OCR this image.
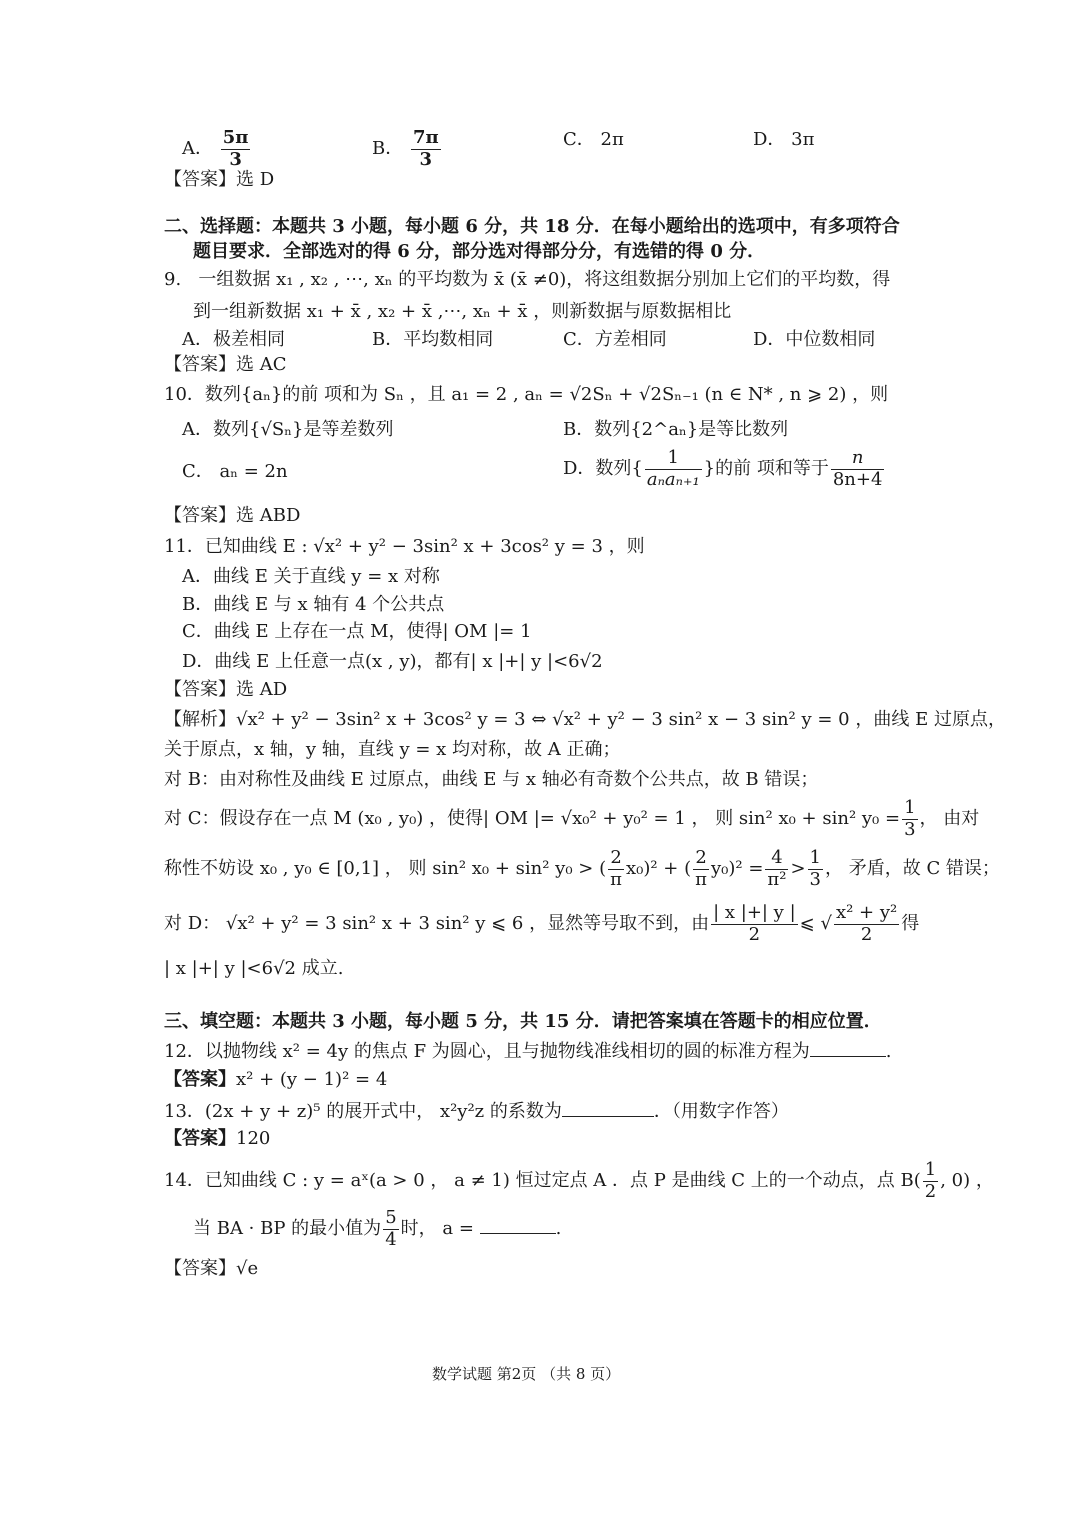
A． $\frac{5\pi}{3}$	B． $\frac{7\pi}{3}$	C． 2π	D． 3π
【答案】选 D
二、选择题：本题共 3 小题，每小题 6 分，共 18 分．在每小题给出的选项中，有多项符合
题目要求．全部选对的得 6 分，部分选对得部分分，有选错的得 0 分．
9. 一组数据 x₁ , x₂ , ⋯, xₙ 的平均数为 x̄ (x̄ ≠0)，将这组数据分别加上它们的平均数，得
到一组新数据 x₁ + x̄ , x₂ + x̄ ,⋯, xₙ + x̄ ，则新数据与原数据相比
A．极差相同	B．平均数相同	C．方差相同	D．中位数相同
【答案】选 AC
10．数列{aₙ}的前 项和为 Sₙ ，且 a₁ = 2 , aₙ = √2Sₙ + √2Sₙ₋₁ (n ∈ N* , n ⩾ 2) ，则
A．数列{√Sₙ}是等差数列	B．数列{2^aₙ}是等比数列
C． aₙ = 2n	D．数列{ $\frac{1}{\text{aₙaₙ₊₁}}$ }的前 项和等于 $\frac{n}{8n+4}$
【答案】选 ABD
11．已知曲线 E : √x² + y² − 3sin² x + 3cos² y = 3 ，则
A．曲线 E 关于直线 y = x 对称
B．曲线 E 与 x 轴有 4 个公共点
C．曲线 E 上存在一点 M，使得| OM |= 1
D．曲线 E 上任意一点(x , y)，都有| x |+| y |<6√2
【答案】选 AD
【解析】√x² + y² − 3sin² x + 3cos² y = 3 ⇔ √x² + y² − 3 sin² x − 3 sin² y = 0 ，曲线 E 过原点，
关于原点，x 轴，y 轴，直线 y = x 均对称，故 A 正确；
对 B：由对称性及曲线 E 过原点，曲线 E 与 x 轴必有奇数个公共点，故 B 错误；
对 C：假设存在一点 M (x₀ , y₀) ，使得| OM |= √x₀² + y₀² = 1 ， 则 sin² x₀ + sin² $y_0 = \frac{1}{3}$ ， 由对
称性不妨设 x₀ , y₀ ∈ [0,1] ， 则 sin² x₀ + sin² y₀ > ( $\frac{2}{\pi} x_0)^2$ + ( $\frac{2}{\pi} y_0)^2 = \frac{4}{\text{π²}} > \frac{1}{3}$ ， 矛盾，故 C 错误；
对 D： √x² + y² = 3 sin² x + 3 sin² y ⩽ 6 ，显然等号取不到，由 $\frac{| x |+| y |}{2}$ ⩽ √ $\frac{\text{x² + y²}}{2}$ 得
| x |+| y |<6√2 成立.
三、填空题：本题共 3 小题，每小题 5 分，共 15 分．请把答案填在答题卡的相应位置．
12．以抛物线 x² = 4y 的焦点 F 为圆心，且与抛物线准线相切的圆的标准方程为	.
【答案】x² + (y − 1)² = 4
13．(2x + y + z)⁵ 的展开式中， x²y²z 的系数为	．（用数字作答）
【答案】120
14．已知曲线 C : y = aˣ(a > 0 ， a ≠ 1) 恒过定点 A ．点 P 是曲线 C 上的一个动点，点 $B( \frac{1}{2}$ , 0) ，
当 BA · BP 的最小值为 $\frac{5}{4}$ 时， a =	.
【答案】√e
数学试题 第2页 （共 8 页）
